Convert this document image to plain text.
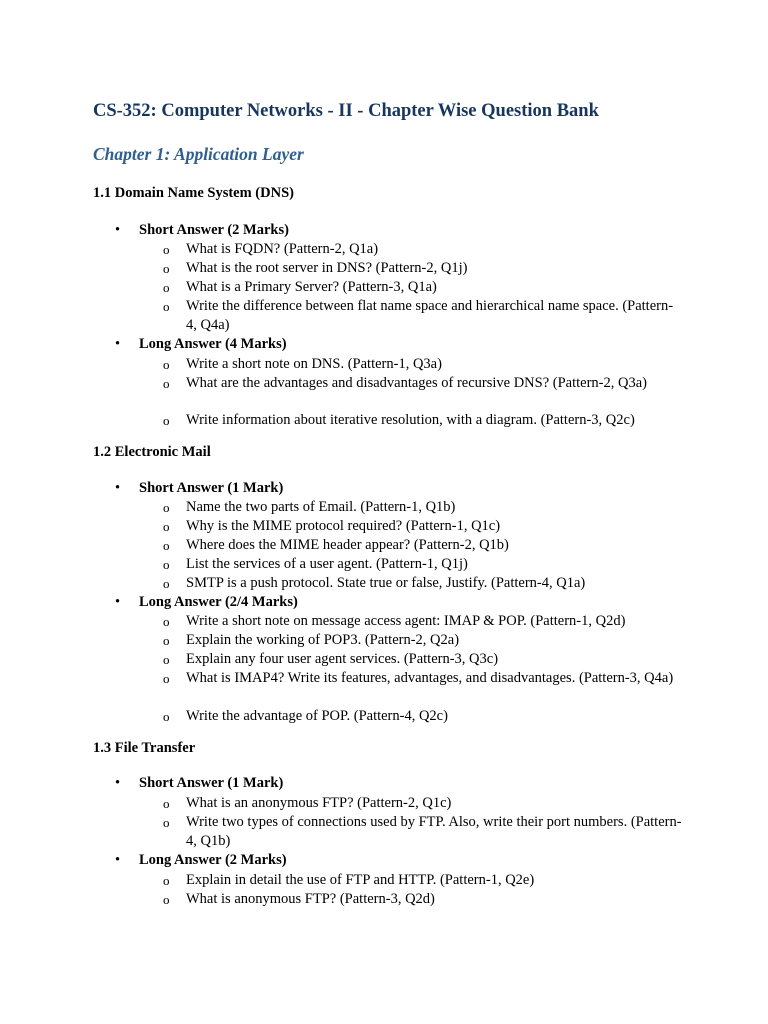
CS-352: Computer Networks - II - Chapter Wise Question Bank
Chapter 1: Application Layer
1.1 Domain Name System (DNS)
• Short Answer (2 Marks)
o What is FQDN? (Pattern-2, Q1a)
o What is the root server in DNS? (Pattern-2, Q1j)
o What is a Primary Server? (Pattern-3, Q1a)
o Write the difference between flat name space and hierarchical name space. (Pattern-4, Q4a)
• Long Answer (4 Marks)
o Write a short note on DNS. (Pattern-1, Q3a)
o What are the advantages and disadvantages of recursive DNS? (Pattern-2, Q3a)
o Write information about iterative resolution, with a diagram. (Pattern-3, Q2c)
1.2 Electronic Mail
• Short Answer (1 Mark)
o Name the two parts of Email. (Pattern-1, Q1b)
o Why is the MIME protocol required? (Pattern-1, Q1c)
o Where does the MIME header appear? (Pattern-2, Q1b)
o List the services of a user agent. (Pattern-1, Q1j)
o SMTP is a push protocol. State true or false, Justify. (Pattern-4, Q1a)
• Long Answer (2/4 Marks)
o Write a short note on message access agent: IMAP & POP. (Pattern-1, Q2d)
o Explain the working of POP3. (Pattern-2, Q2a)
o Explain any four user agent services. (Pattern-3, Q3c)
o What is IMAP4? Write its features, advantages, and disadvantages. (Pattern-3, Q4a)
o Write the advantage of POP. (Pattern-4, Q2c)
1.3 File Transfer
• Short Answer (1 Mark)
o What is an anonymous FTP? (Pattern-2, Q1c)
o Write two types of connections used by FTP. Also, write their port numbers. (Pattern-4, Q1b)
• Long Answer (2 Marks)
o Explain in detail the use of FTP and HTTP. (Pattern-1, Q2e)
o What is anonymous FTP? (Pattern-3, Q2d)
